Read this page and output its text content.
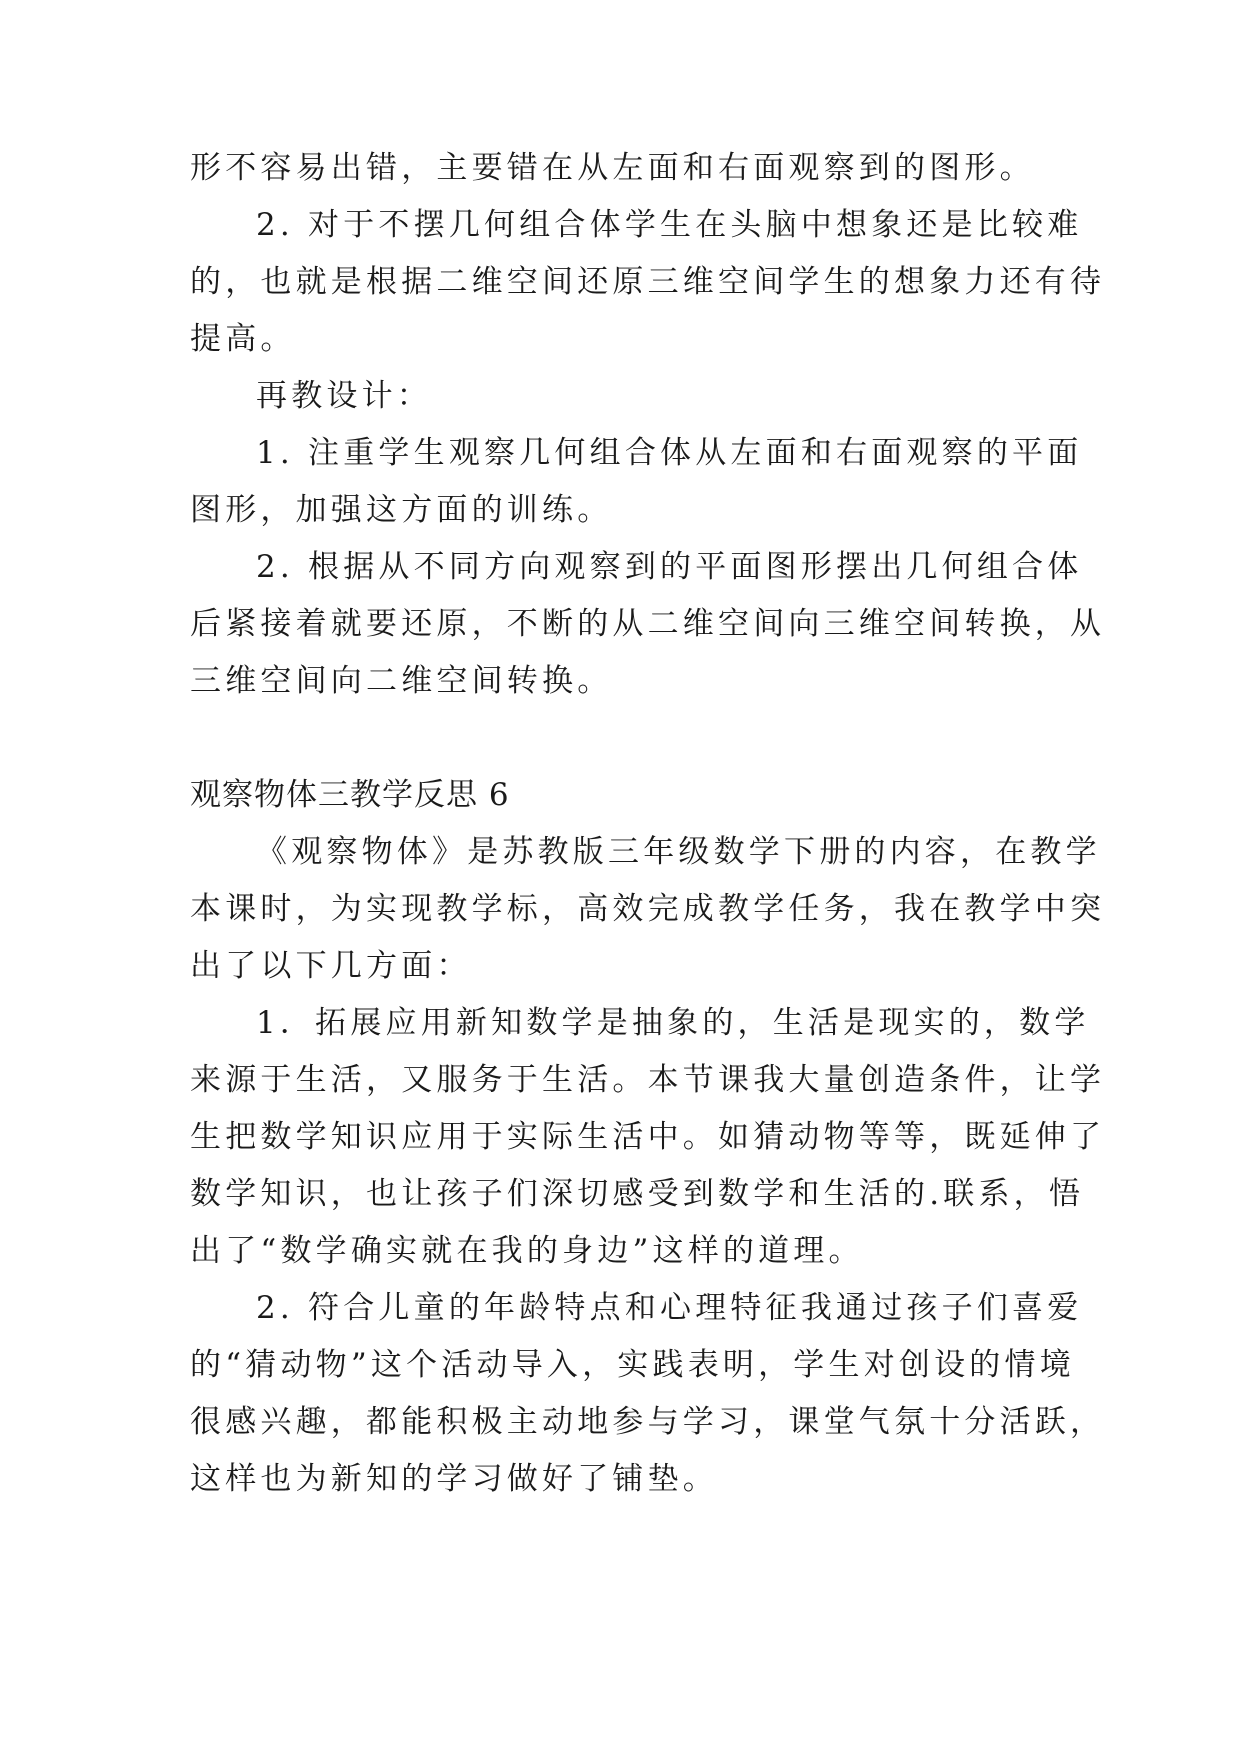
形不容易出错，主要错在从左面和右面观察到的图形。
2. 对于不摆几何组合体学生在头脑中想象还是比较难
的，也就是根据二维空间还原三维空间学生的想象力还有待
提高。
再教设计：
1. 注重学生观察几何组合体从左面和右面观察的平面
图形，加强这方面的训练。
2. 根据从不同方向观察到的平面图形摆出几何组合体
后紧接着就要还原，不断的从二维空间向三维空间转换，从
三维空间向二维空间转换。
观察物体三教学反思 6
《观察物体》是苏教版三年级数学下册的内容，在教学
本课时，为实现教学标，高效完成教学任务，我在教学中突
出了以下几方面：
1．拓展应用新知数学是抽象的，生活是现实的，数学
来源于生活，又服务于生活。本节课我大量创造条件，让学
生把数学知识应用于实际生活中。如猜动物等等，既延伸了
数学知识，也让孩子们深切感受到数学和生活的.联系，悟
出了“数学确实就在我的身边”这样的道理。
2. 符合儿童的年龄特点和心理特征我通过孩子们喜爱
的“猜动物”这个活动导入，实践表明，学生对创设的情境
很感兴趣，都能积极主动地参与学习，课堂气氛十分活跃，
这样也为新知的学习做好了铺垫。
